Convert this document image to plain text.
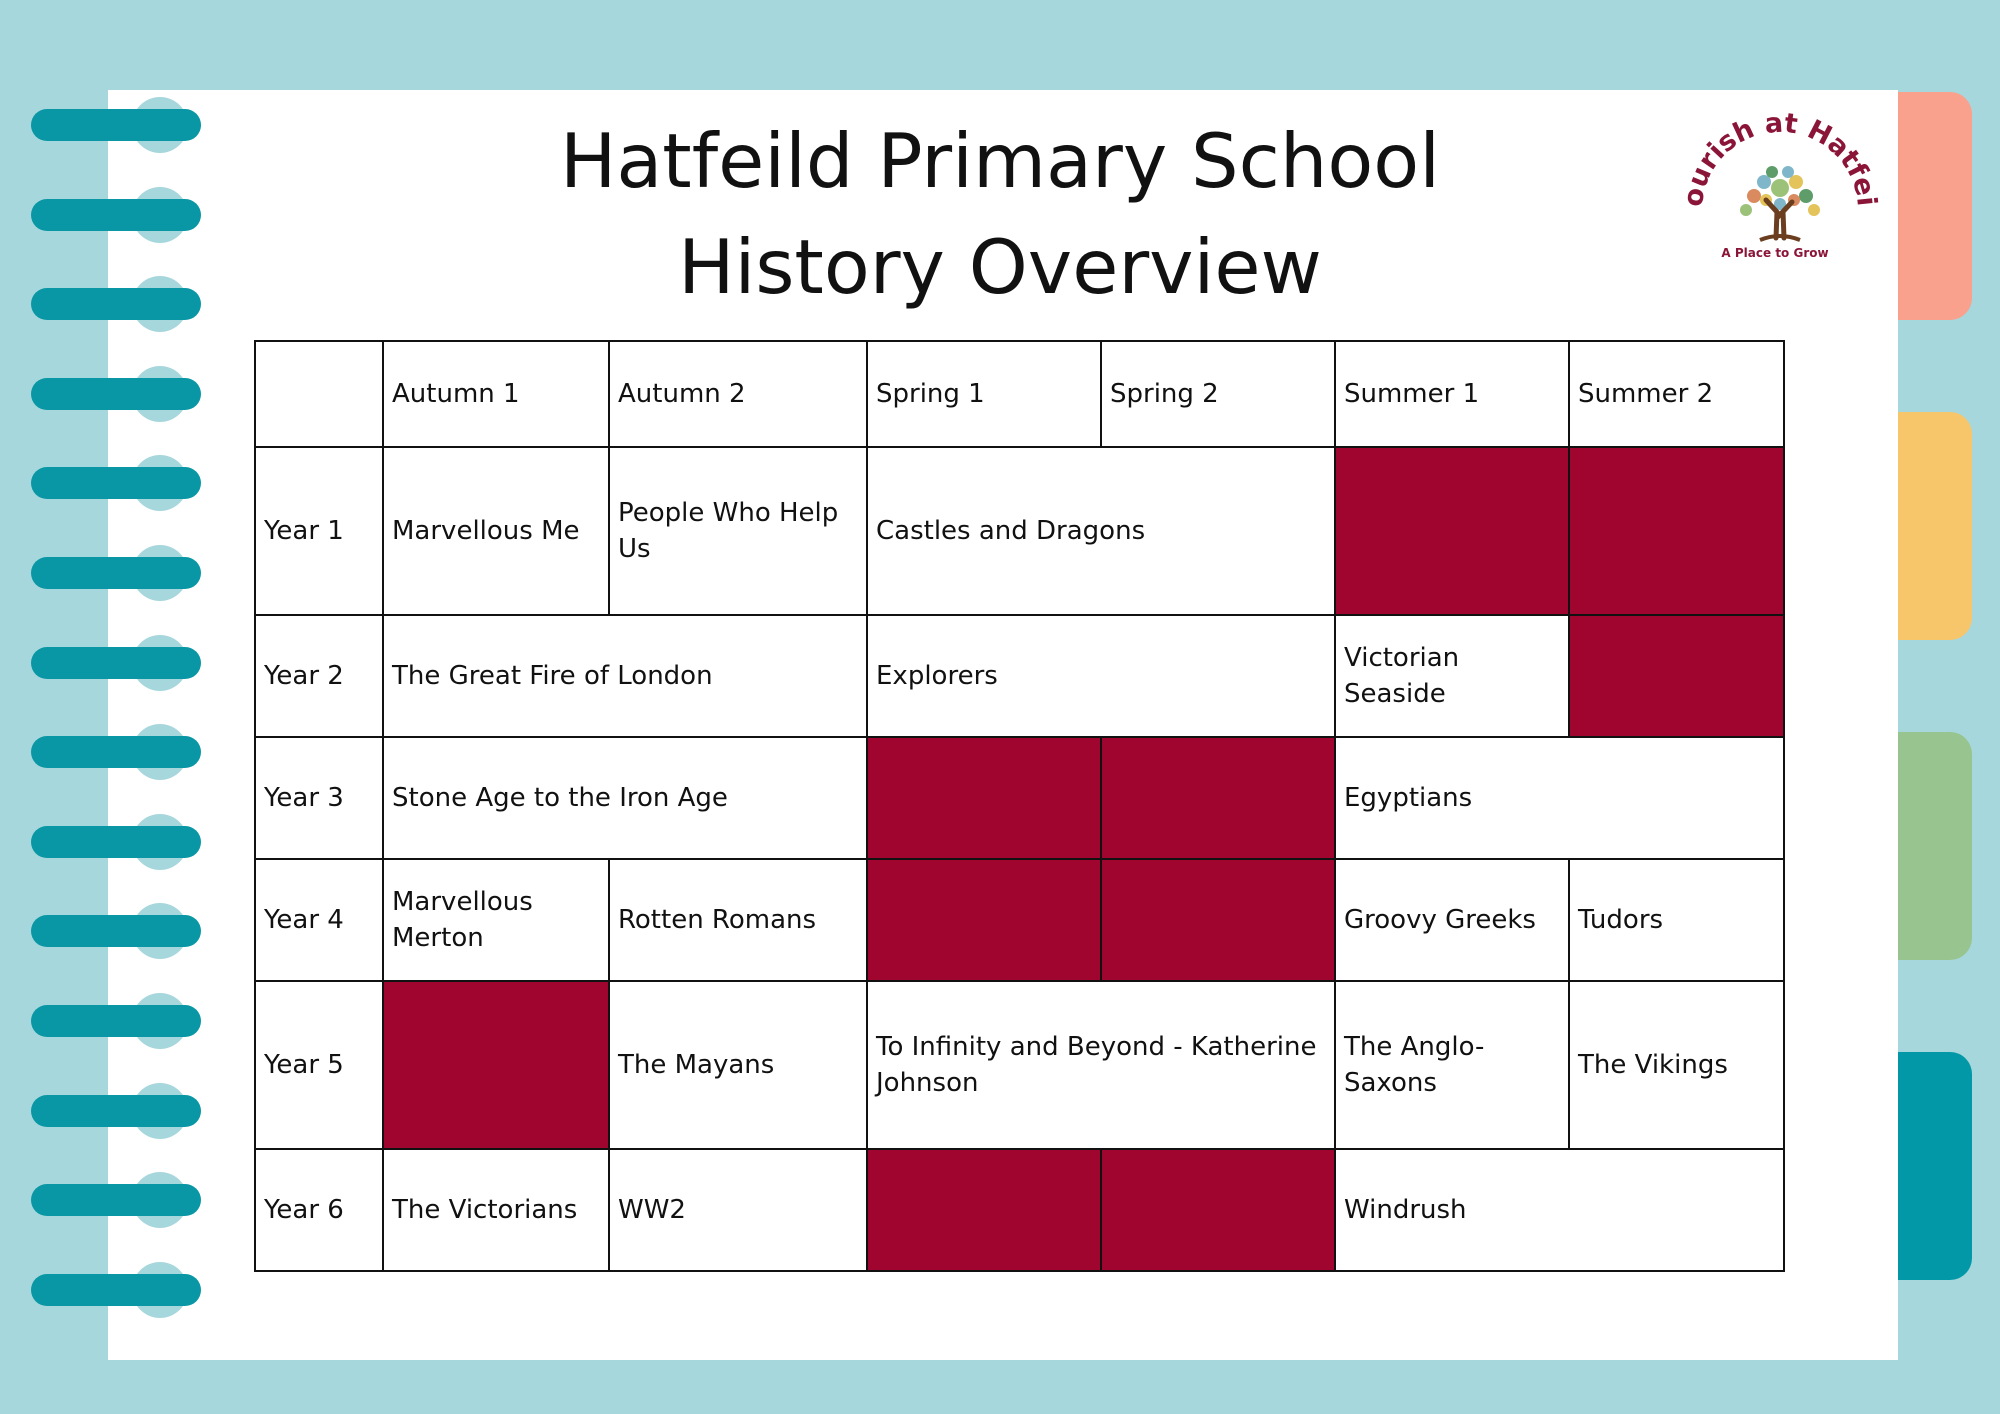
Hatfeild Primary School
History Overview
ourish at Hatfei
A Place to Grow
	Autumn 1	Autumn 2	Spring 1	Spring 2	Summer 1	Summer 2
Year 1	Marvellous Me	People Who Help Us	Castles and Dragons			
Year 2	The Great Fire of London		Explorers		Victorian Seaside	
Year 3	Stone Age to the Iron Age				Egyptians	
Year 4	Marvellous Merton	Rotten Romans			Groovy Greeks	Tudors
Year 5		The Mayans	To Infinity and Beyond - Katherine Johnson		The Anglo-Saxons	The Vikings
Year 6	The Victorians	WW2			Windrush	
